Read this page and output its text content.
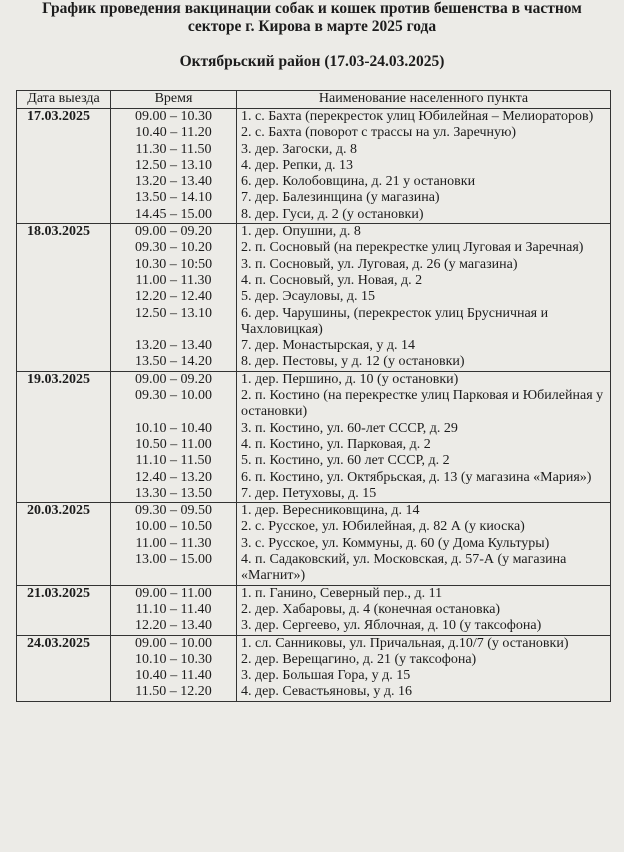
График проведения вакцинации собак и кошек против бешенства в частном
секторе г. Кирова в марте 2025 года
Октябрьский район (17.03-24.03.2025)
Дата выезда	Время	Наименование населенного пункта
17.03.2025	09.00 – 10.30	1. с. Бахта (перекресток улиц Юбилейная – Мелиораторов)
	10.40 – 11.20	2. с. Бахта (поворот с трассы на ул. Заречную)
	11.30 – 11.50	3. дер. Загоски, д. 8
	12.50 – 13.10	4. дер. Репки, д. 13
	13.20 – 13.40	6. дер. Колобовщина, д. 21 у остановки
	13.50 – 14.10	7. дер. Балезинщина (у магазина)
	14.45 – 15.00	8. дер. Гуси, д. 2 (у остановки)
18.03.2025	09.00 – 09.20	1. дер. Опушни, д. 8
	09.30 – 10.20	2. п. Сосновый (на перекрестке улиц Луговая и Заречная)
	10.30 – 10:50	3. п. Сосновый, ул. Луговая, д. 26 (у магазина)
	11.00 – 11.30	4. п. Сосновый, ул. Новая, д. 2
	12.20 – 12.40	5. дер. Эсауловы, д. 15
	12.50 – 13.10	6. дер. Чарушины, (перекресток улиц Брусничная и Чахловицкая)
	13.20 – 13.40	7. дер. Монастырская, у д. 14
	13.50 – 14.20	8. дер. Пестовы, у д. 12 (у остановки)
19.03.2025	09.00 – 09.20	1. дер. Першино, д. 10 (у остановки)
	09.30 – 10.00	2. п. Костино (на перекрестке улиц Парковая и Юбилейная у остановки)
	10.10 – 10.40	3. п. Костино, ул. 60-лет СССР, д. 29
	10.50 – 11.00	4. п. Костино, ул. Парковая, д. 2
	11.10 – 11.50	5. п. Костино, ул. 60 лет СССР, д. 2
	12.40 – 13.20	6. п. Костино, ул. Октябрьская, д. 13 (у магазина «Мария»)
	13.30 – 13.50	7. дер. Петуховы, д. 15
20.03.2025	09.30 – 09.50	1. дер. Вересниковщина, д. 14
	10.00 – 10.50	2. с. Русское, ул. Юбилейная, д. 82 А (у киоска)
	11.00 – 11.30	3. с. Русское, ул. Коммуны, д. 60 (у Дома Культуры)
	13.00 – 15.00	4. п. Садаковский, ул. Московская, д. 57-А (у магазина «Магнит»)
21.03.2025	09.00 – 11.00	1. п. Ганино, Северный пер., д. 11
	11.10 – 11.40	2. дер. Хабаровы, д. 4 (конечная остановка)
	12.20 – 13.40	3. дер. Сергеево, ул. Яблочная, д. 10 (у таксофона)
24.03.2025	09.00 – 10.00	1. сл. Санниковы, ул. Причальная, д.10/7 (у остановки)
	10.10 – 10.30	2. дер. Верещагино, д. 21 (у таксофона)
	10.40 – 11.40	3. дер. Большая Гора, у д. 15
	11.50 – 12.20	4. дер. Севастьяновы, у д. 16
